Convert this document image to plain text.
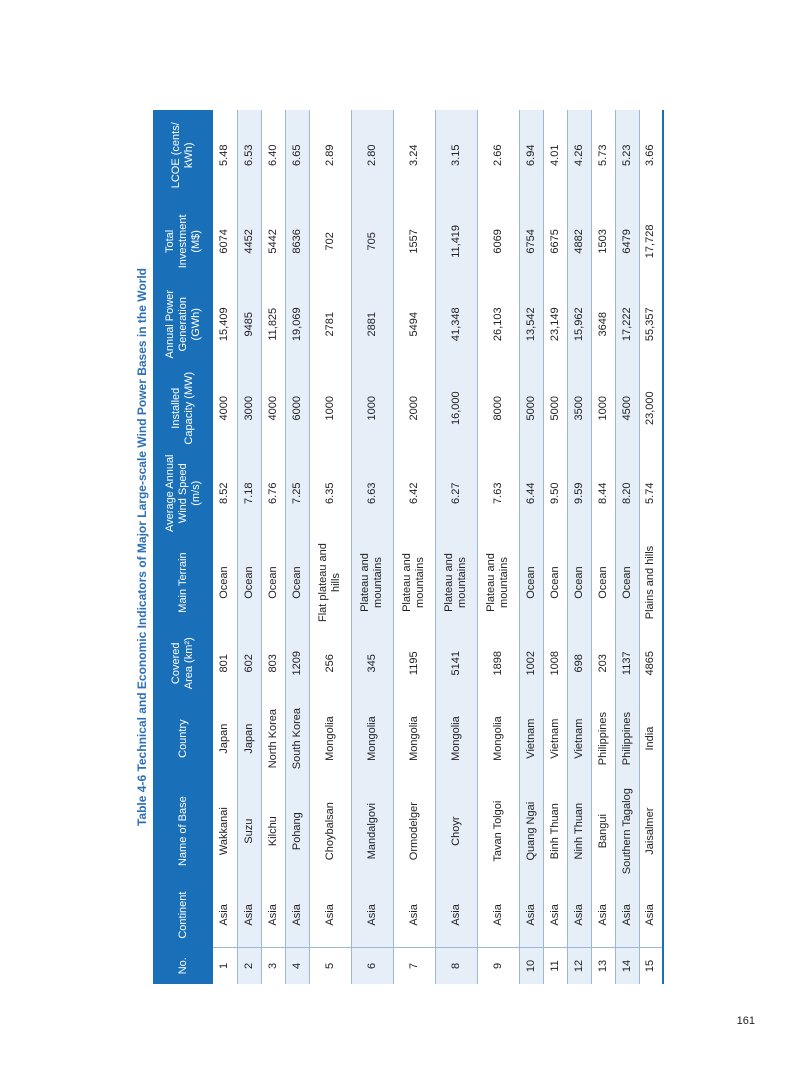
Table 4-6 Technical and Economic Indicators of Major Large-scale Wind Power Bases in the World
No.	Continent	Name of Base	Country	Covered Area (km²)	Main Terrain	Average Annual Wind Speed (m/s)	Installed Capacity (MW)	Annual Power Generation (GWh)	Total Investment (M$)	LCOE (cents/ kWh)
1	Asia	Wakkanai	Japan	801	Ocean	8.52	4000	15,409	6074	5.48
2	Asia	Suzu	Japan	602	Ocean	7.18	3000	9485	4452	6.53
3	Asia	Kilchu	North Korea	803	Ocean	6.76	4000	11,825	5442	6.40
4	Asia	Pohang	South Korea	1209	Ocean	7.25	6000	19,069	8636	6.65
5	Asia	Choybalsan	Mongolia	256	Flat plateau and hills	6.35	1000	2781	702	2.89
6	Asia	Mandalgovi	Mongolia	345	Plateau and mountains	6.63	1000	2881	705	2.80
7	Asia	Ormodelger	Mongolia	1195	Plateau and mountains	6.42	2000	5494	1557	3.24
8	Asia	Choyr	Mongolia	5141	Plateau and mountains	6.27	16,000	41,348	11,419	3.15
9	Asia	Tavan Tolgoi	Mongolia	1898	Plateau and mountains	7.63	8000	26,103	6069	2.66
10	Asia	Quang Ngai	Vietnam	1002	Ocean	6.44	5000	13,542	6754	6.94
11	Asia	Binh Thuan	Vietnam	1008	Ocean	9.50	5000	23,149	6675	4.01
12	Asia	Ninh Thuan	Vietnam	698	Ocean	9.59	3500	15,962	4882	4.26
13	Asia	Bangui	Philippines	203	Ocean	8.44	1000	3648	1503	5.73
14	Asia	Southern Tagalog	Philippines	1137	Ocean	8.20	4500	17,222	6479	5.23
15	Asia	Jaisalmer	India	4865	Plains and hills	5.74	23,000	55,357	17,728	3.66
161
